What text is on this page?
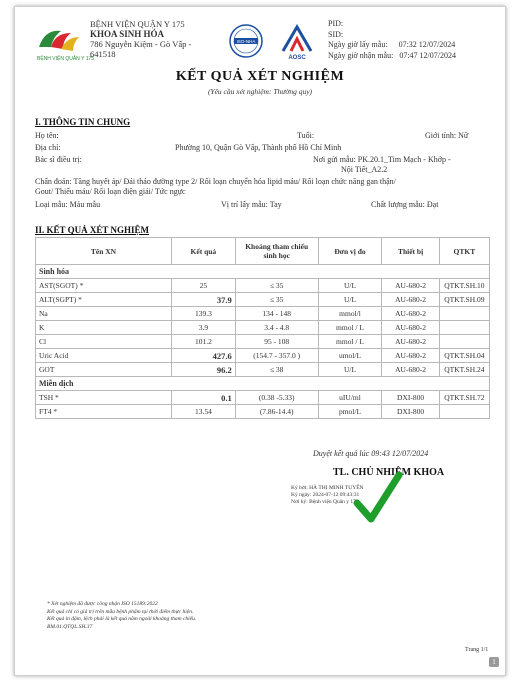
BỆNH VIỆN QUÂN Y 175
BỆNH VIỆN QUẬN Y 175
KHOA SINH HÓA
786 Nguyễn Kiệm - Gò Vấp -
641518
ISO-NHA
AOSC
PID:
SID:
Ngày giờ lấy mẫu: 07:32 12/07/2024
Ngày giờ nhận mẫu: 07:47 12/07/2024
KẾT QUẢ XÉT NGHIỆM
(Yêu cầu xét nghiệm: Thường quy)
I. THÔNG TIN CHUNG
Họ tên:	Tuổi:	Giới tính: Nữ
Địa chỉ:	Phường 10, Quận Gò Vấp, Thành phố Hồ Chí Minh
Bác sĩ điều trị:	Nơi gửi mẫu: PK.20.1_Tim Mạch - Khớp -
Nội Tiết_A2.2
Chẩn đoán: Tăng huyết áp/ Đái tháo đường type 2/ Rối loạn chuyển hóa lipid máu/ Rối loạn chức năng gan thận/
Gout/ Thiếu máu/ Rối loạn điện giải/ Tức ngực
Loại mẫu: Máu mẫu	Vị trí lấy mẫu: Tay	Chất lượng mẫu: Đạt
II. KẾT QUẢ XÉT NGHIỆM
Tên XN	Kết quả	Khoảng tham chiếu sinh học	Đơn vị đo	Thiết bị	QTKT
Sinh hóa					
AST(SGOT) *	25	≤ 35	U/L	AU-680-2	QTKT.SH.10
ALT(SGPT) *	37.9	≤ 35	U/L	AU-680-2	QTKT.SH.09
Na	139.3	134 - 148	mmol/l	AU-680-2	
K	3.9	3.4 - 4.8	mmol / L	AU-680-2	
Cl	101.2	95 - 108	mmol / L	AU-680-2	
Uric Acid	427.6	(154.7 - 357.0 )	umol/L	AU-680-2	QTKT.SH.04
GOT	96.2	≤ 38	U/L	AU-680-2	QTKT.SH.24
Miễn dịch					
TSH *	0.1	(0.38 -5.33)	uIU/ml	DXI-800	QTKT.SH.72
FT4 *	13.54	(7.86-14.4)	pmol/L	DXI-800	
Duyệt kết quả lúc 09:43 12/07/2024
TL. CHỦ NHIỆM KHOA
Ký bởi: HÀ THỊ MINH TUYẾN
Ký ngày: 2024-07-12 09:43:31
Nơi ký: Bệnh viện Quân y 175
* Xét nghiệm đã được công nhận ISO 15189:2022
Kết quả chỉ có giá trị trên mẫu bệnh phẩm tại thời điểm thực hiện.
Kết quả in đậm, lệch phải là kết quả nằm ngoài khoảng tham chiếu.
BM.01.QTQL.SH.37
Trang 1/1
1
